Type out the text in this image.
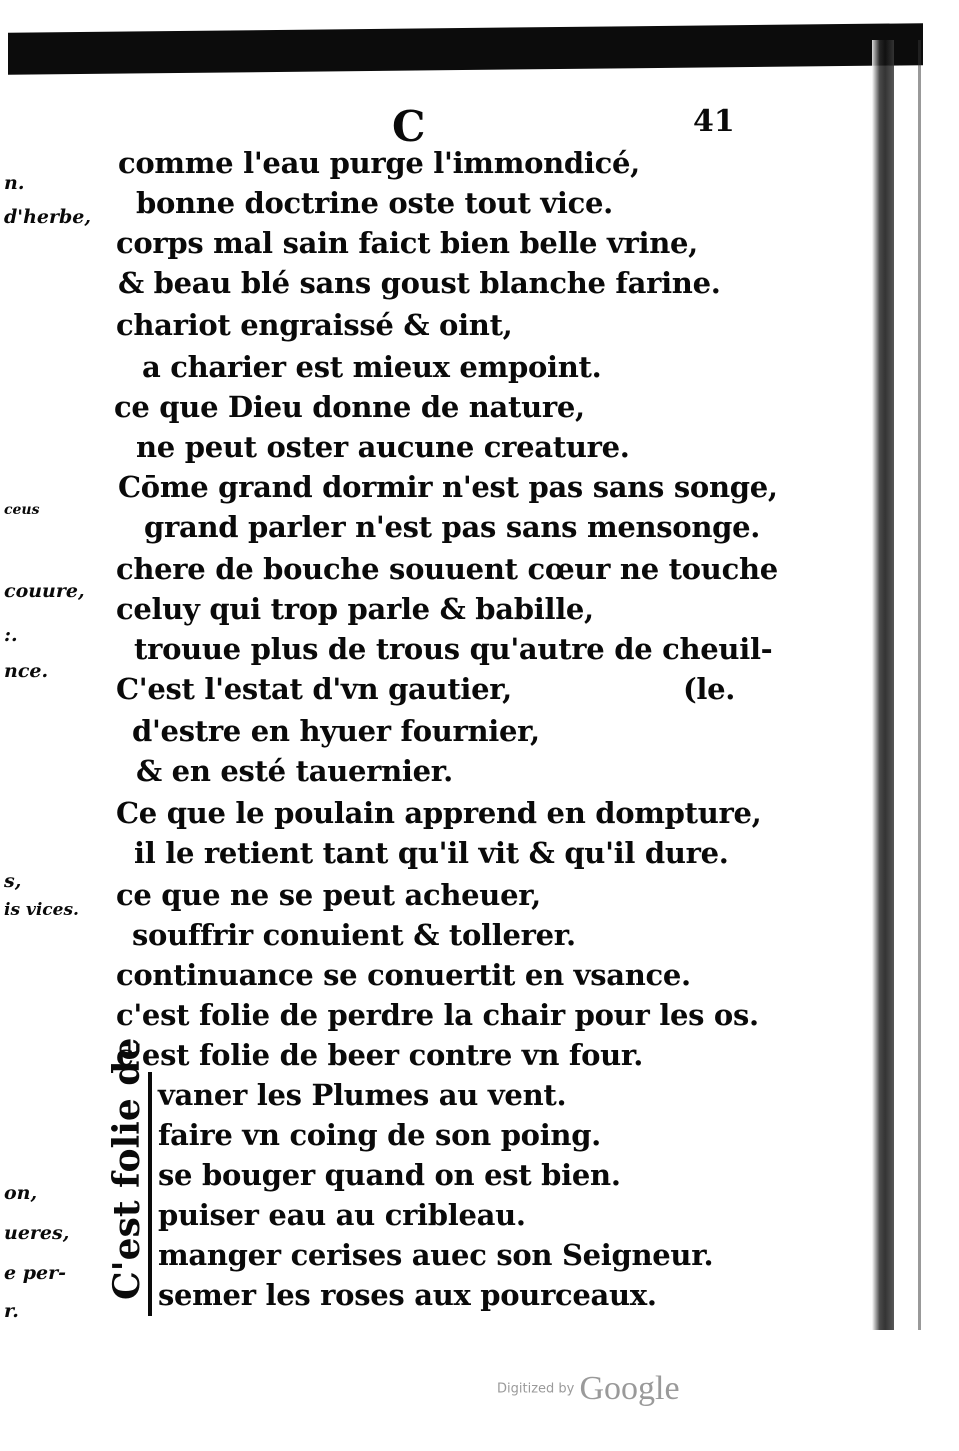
C	41
comme l'eau purge l'immondicé,
bonne doctrine oste tout vice.
corps mal sain faict bien belle vrine,
& beau blé sans goust blanche farine.
chariot engraissé & oint,
a charier est mieux empoint.
ce que Dieu donne de nature,
ne peut oster aucune creature.
Cōme grand dormir n'est pas sans songe,
grand parler n'est pas sans mensonge.
chere de bouche souuent cœur ne touche
celuy qui trop parle & babille,
trouue plus de trous qu'autre de cheuil-
C'est l'estat d'vn gautier,	(le.
d'estre en hyuer fournier,
& en esté tauernier.
Ce que le poulain apprend en dompture,
il le retient tant qu'il vit & qu'il dure.
ce que ne se peut acheuer,
souffrir conuient & tollerer.
continuance se conuertit en vsance.
c'est folie de perdre la chair pour les os.
c'est folie de beer contre vn four.
C'est folie de vaner les Plumes au vent.
faire vn coing de son poing.
se bouger quand on est bien.
puiser eau au cribleau.
manger cerises auec son Seigneur.
semer les roses aux pourceaux.
n.
d'herbe,
ceus
couure,
:.
nce.
s,
is vices.
on,
ueres,
e per-
r.
Digitized by Google
